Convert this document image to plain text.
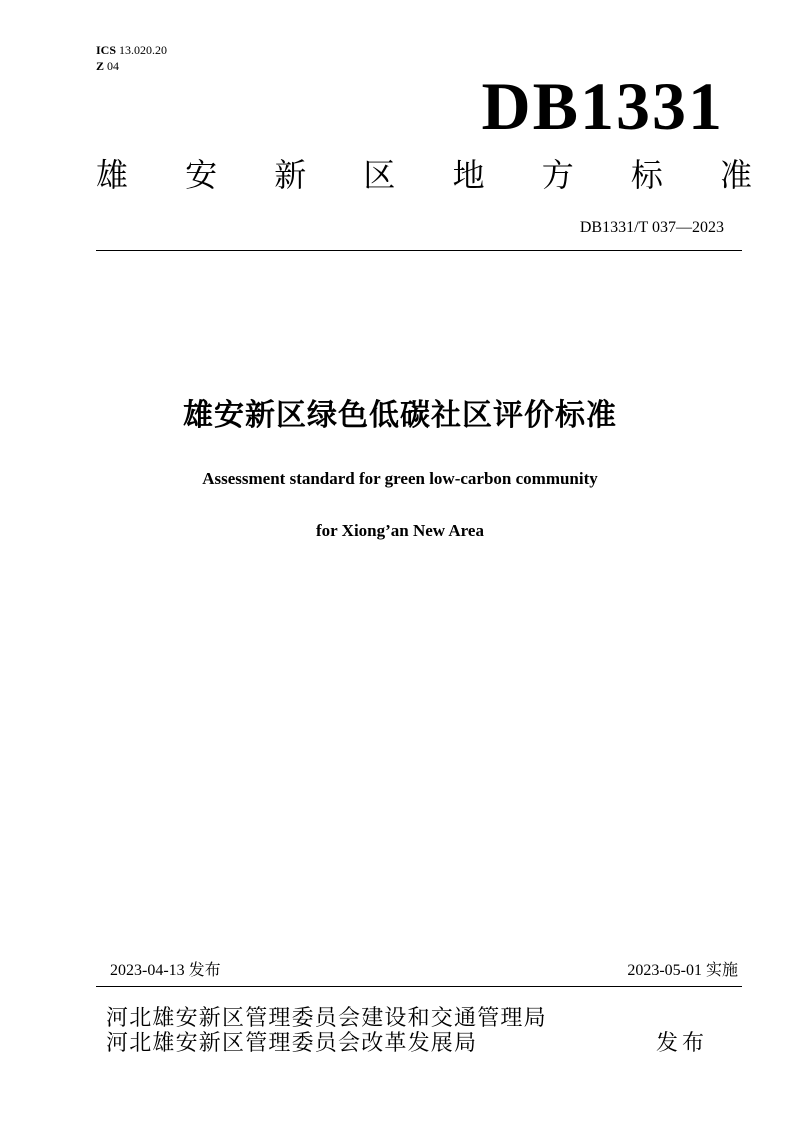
ICS 13.020.20
Z 04
DB1331
雄 安 新 区 地 方 标 准
DB1331/T 037—2023
雄安新区绿色低碳社区评价标准
Assessment standard for green low-carbon community
for Xiong’an New Area
2023-04-13 发布	2023-05-01 实施
河北雄安新区管理委员会建设和交通管理局
河北雄安新区管理委员会改革发展局	发布
